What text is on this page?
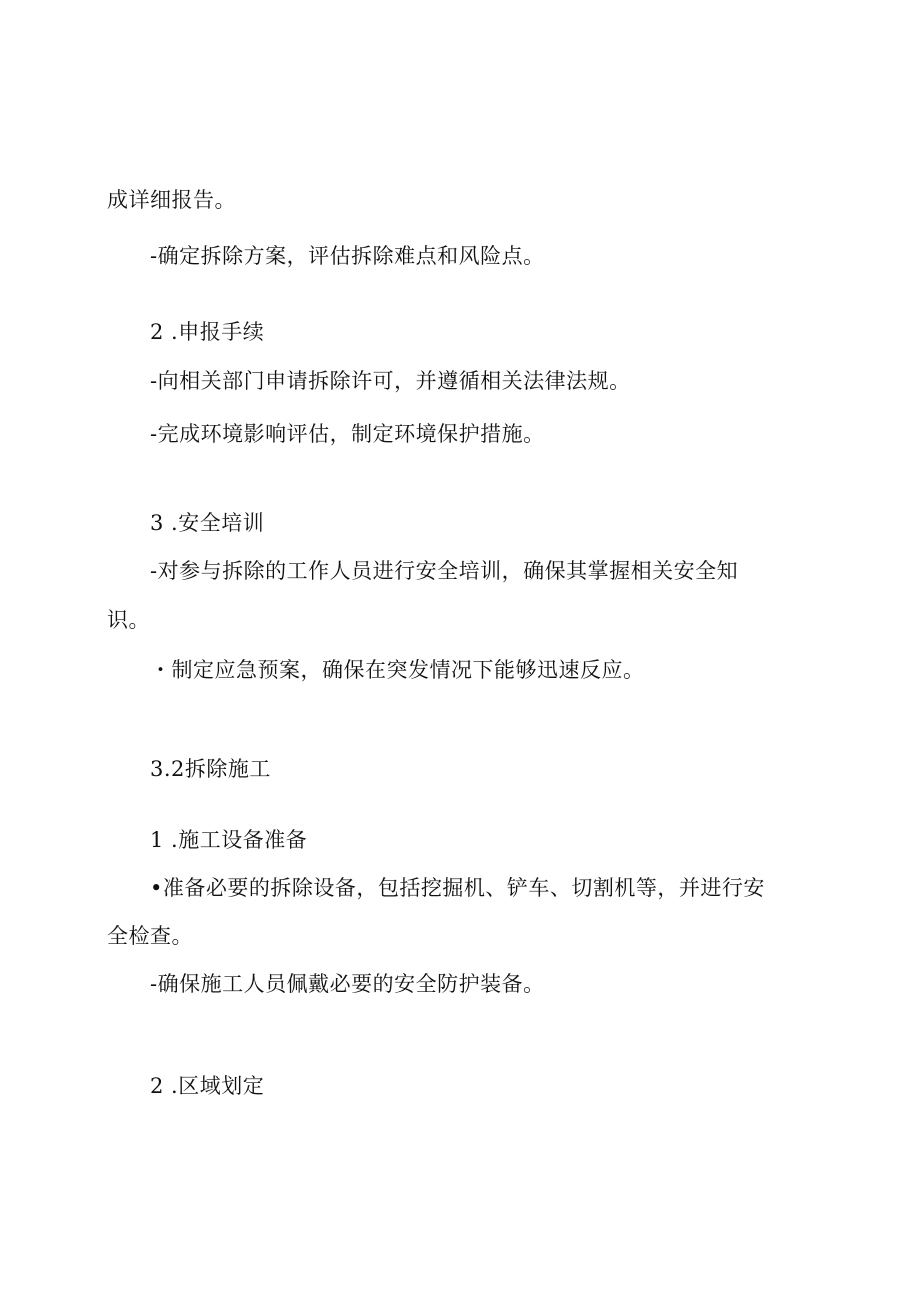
成详细报告。
-确定拆除方案，评估拆除难点和风险点。
2 .申报手续
-向相关部门申请拆除许可，并遵循相关法律法规。
-完成环境影响评估，制定环境保护措施。
3 .安全培训
-对参与拆除的工作人员进行安全培训，确保其掌握相关安全知
识。
・制定应急预案，确保在突发情况下能够迅速反应。
3.2拆除施工
1 .施工设备准备
•准备必要的拆除设备，包括挖掘机、铲车、切割机等，并进行安
全检查。
-确保施工人员佩戴必要的安全防护装备。
2 .区域划定
